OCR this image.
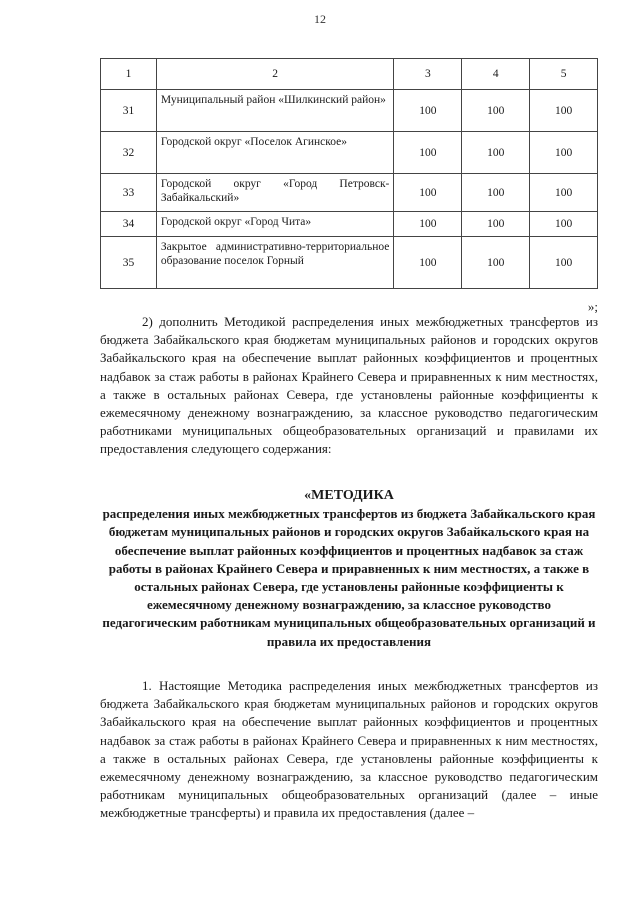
12
1	2	3	4	5
31	Муниципальный район «Шилкинский район»	100	100	100
32	Городской округ «Поселок Агинское»	100	100	100
33	Городской округ «Город Петровск-Забайкальский»	100	100	100
34	Городской округ «Город Чита»	100	100	100
35	Закрытое административно-территориальное образование поселок Горный	100	100	100
»;

2) дополнить Методикой распределения иных межбюджетных трансфертов из бюджета Забайкальского края бюджетам муниципальных районов и городских округов Забайкальского края на обеспечение выплат районных коэффициентов и процентных надбавок за стаж работы в районах Крайнего Севера и приравненных к ним местностях, а также в остальных районах Севера, где установлены районные коэффициенты к ежемесячному денежному вознаграждению, за классное руководство педагогическим работниками муниципальных общеобразовательных организаций и правилами их предоставления следующего содержания:

«МЕТОДИКА
распределения иных межбюджетных трансфертов из бюджета Забайкальского края бюджетам муниципальных районов и городских округов Забайкальского края на обеспечение выплат районных коэффициентов и процентных надбавок за стаж работы в районах Крайнего Севера и приравненных к ним местностях, а также в остальных районах Севера, где установлены районные коэффициенты к ежемесячному денежному вознаграждению, за классное руководство педагогическим работникам муниципальных общеобразовательных организаций и правила их предоставления

1. Настоящие Методика распределения иных межбюджетных трансфертов из бюджета Забайкальского края бюджетам муниципальных районов и городских округов Забайкальского края на обеспечение выплат районных коэффициентов и процентных надбавок за стаж работы в районах Крайнего Севера и приравненных к ним местностях, а также в остальных районах Севера, где установлены районные коэффициенты к ежемесячному денежному вознаграждению, за классное руководство педагогическим работникам муниципальных общеобразовательных организаций (далее – иные межбюджетные трансферты) и правила их предоставления (далее –
